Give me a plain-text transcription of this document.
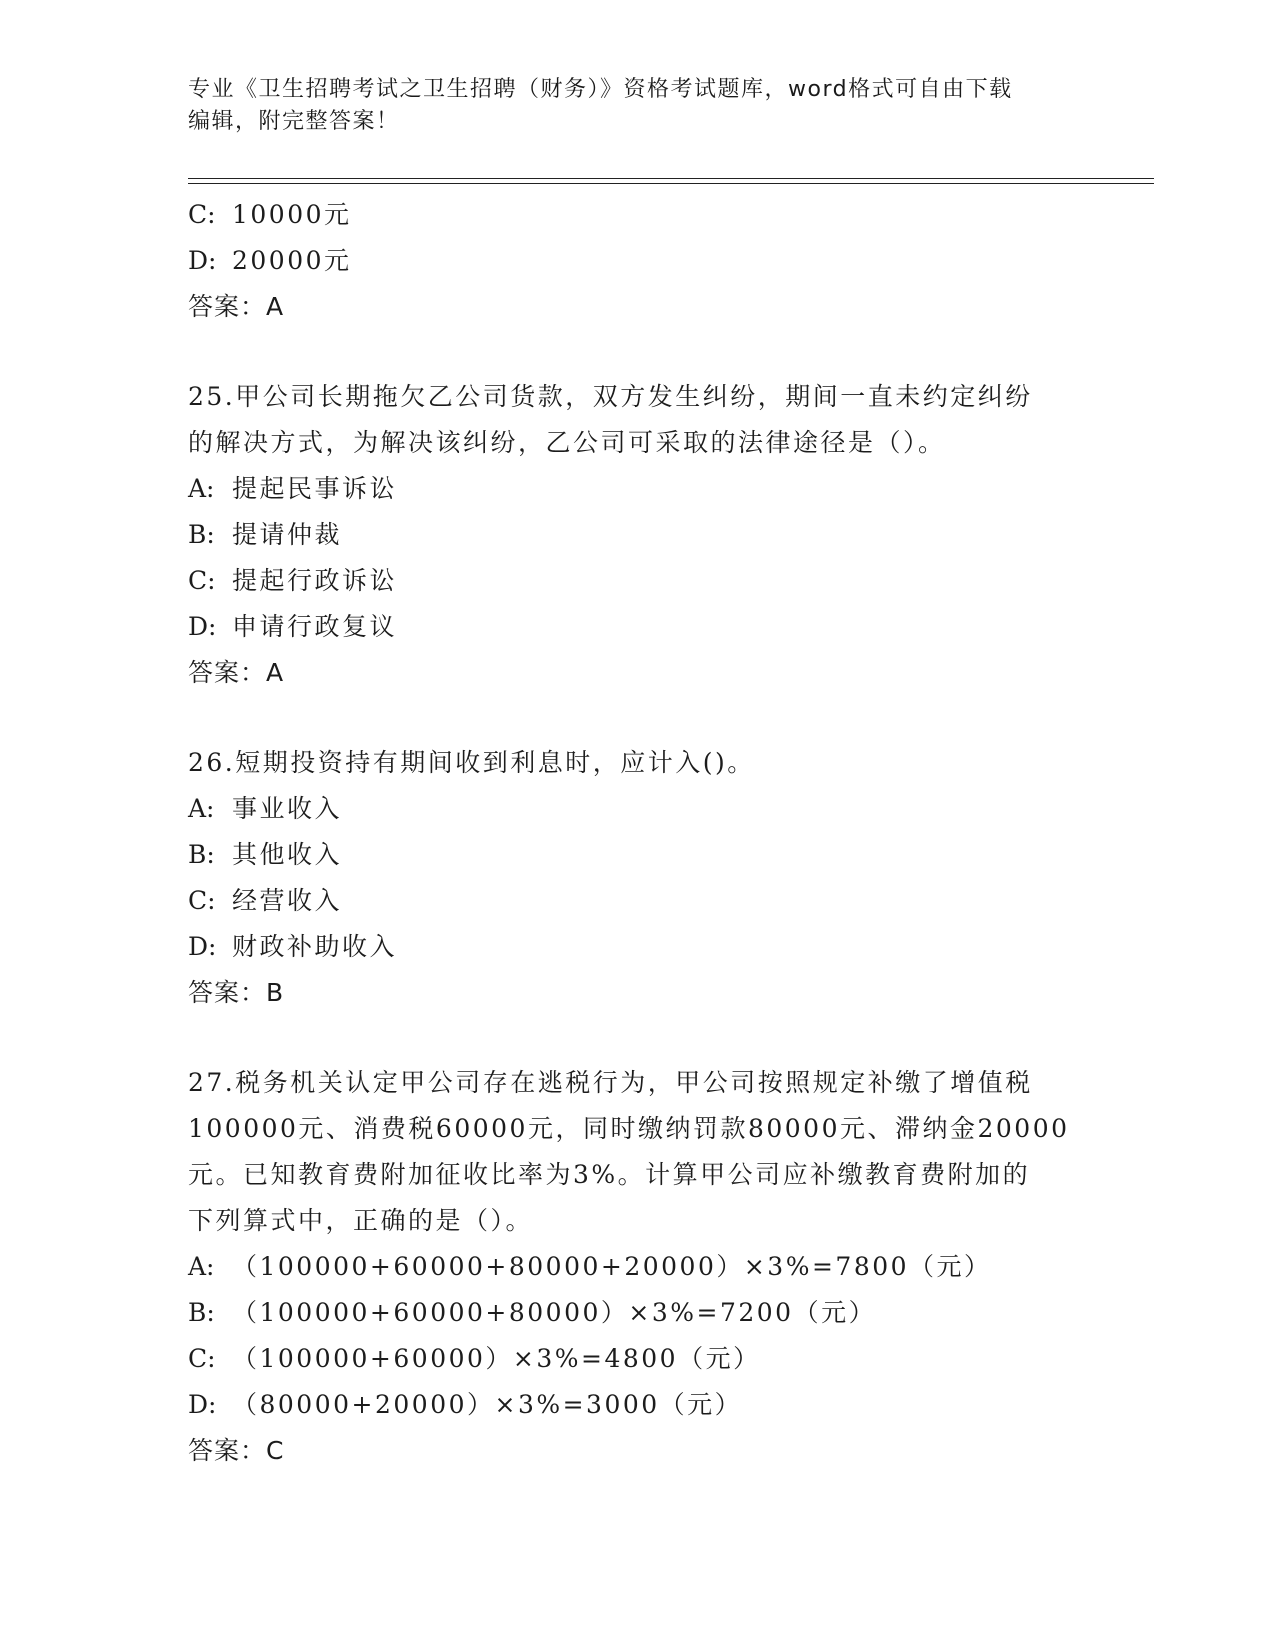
专业《卫生招聘考试之卫生招聘（财务）》资格考试题库，word格式可自由下载
编辑，附完整答案！
C: 10000元
D: 20000元
答案：A
25.甲公司长期拖欠乙公司货款，双方发生纠纷，期间一直未约定纠纷
的解决方式，为解决该纠纷，乙公司可采取的法律途径是（）。
A: 提起民事诉讼
B: 提请仲裁
C: 提起行政诉讼
D: 申请行政复议
答案：A
26.短期投资持有期间收到利息时，应计入()。
A: 事业收入
B: 其他收入
C: 经营收入
D: 财政补助收入
答案：B
27.税务机关认定甲公司存在逃税行为，甲公司按照规定补缴了增值税
100000元、消费税60000元，同时缴纳罚款80000元、滞纳金20000
元。已知教育费附加征收比率为3%。计算甲公司应补缴教育费附加的
下列算式中，正确的是（）。
A: （100000+60000+80000+20000）×3%=7800（元）
B: （100000+60000+80000）×3%=7200（元）
C: （100000+60000）×3%=4800（元）
D: （80000+20000）×3%=3000（元）
答案：C
